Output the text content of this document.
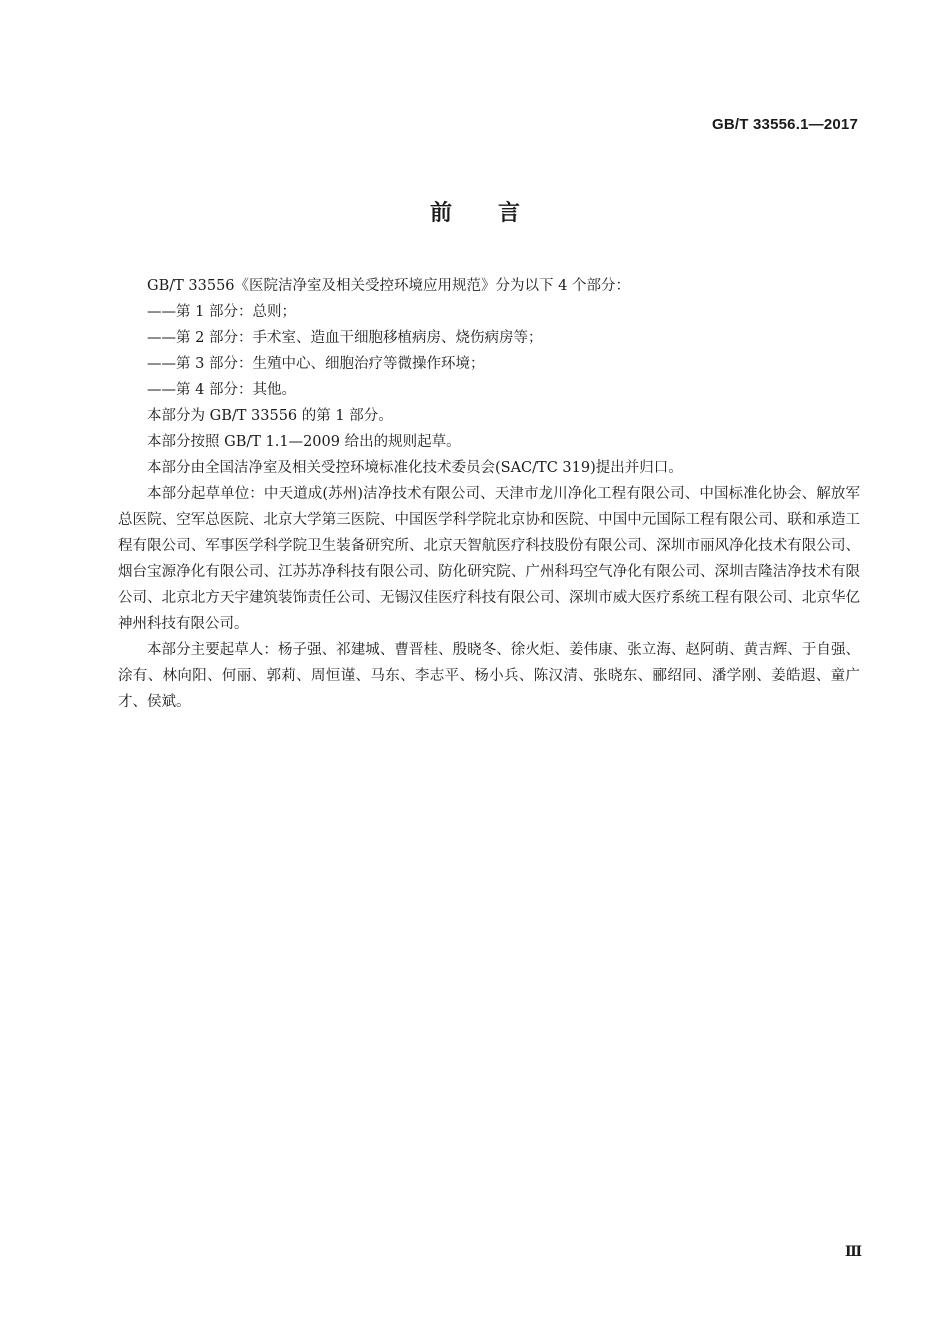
GB/T 33556.1—2017
前言

GB/T 33556《医院洁净室及相关受控环境应用规范》分为以下 4 个部分：

——第 1 部分：总则；

——第 2 部分：手术室、造血干细胞移植病房、烧伤病房等；

——第 3 部分：生殖中心、细胞治疗等微操作环境；

——第 4 部分：其他。

本部分为 GB/T 33556 的第 1 部分。

本部分按照 GB/T 1.1—2009 给出的规则起草。

本部分由全国洁净室及相关受控环境标准化技术委员会(SAC/TC 319)提出并归口。

本部分起草单位：中天道成(苏州)洁净技术有限公司、天津市龙川净化工程有限公司、中国标准化协会、解放军总医院、空军总医院、北京大学第三医院、中国医学科学院北京协和医院、中国中元国际工程有限公司、联和承造工程有限公司、军事医学科学院卫生装备研究所、北京天智航医疗科技股份有限公司、深圳市丽风净化技术有限公司、烟台宝源净化有限公司、江苏苏净科技有限公司、防化研究院、广州科玛空气净化有限公司、深圳吉隆洁净技术有限公司、北京北方天宇建筑装饰责任公司、无锡汉佳医疗科技有限公司、深圳市威大医疗系统工程有限公司、北京华亿神州科技有限公司。

本部分主要起草人：杨子强、祁建城、曹晋桂、殷晓冬、徐火炬、姜伟康、张立海、赵阿萌、黄吉辉、于自强、涂有、林向阳、何丽、郭莉、周恒谨、马东、李志平、杨小兵、陈汉清、张晓东、郦绍同、潘学刚、姜皓遐、童广才、侯斌。

Ⅲ
